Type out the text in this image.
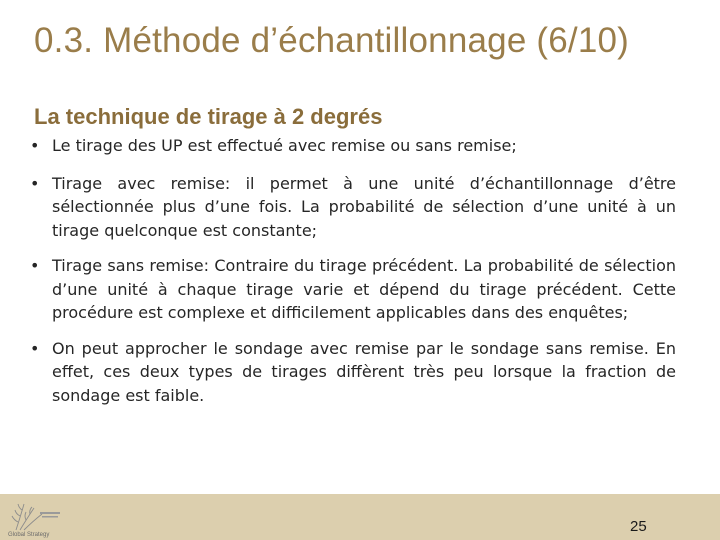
0.3. Méthode d’échantillonnage (6/10)
La technique de tirage à 2 degrés
• Le tirage des UP est effectué avec remise ou sans remise;
• Tirage avec remise: il permet à une unité d’échantillonnage d’être sélectionnée plus d’une fois. La probabilité de sélection d’une unité à un tirage quelconque est constante;
• Tirage sans remise: Contraire du tirage précédent. La probabilité de sélection d’une unité à chaque tirage varie et dépend du tirage précédent. Cette procédure est complexe et difficilement applicables dans des enquêtes;
• On peut approcher le sondage avec remise par le sondage sans remise. En effet, ces deux types de tirages diffèrent très peu lorsque la fraction de sondage est faible.
Global Strategy	25
